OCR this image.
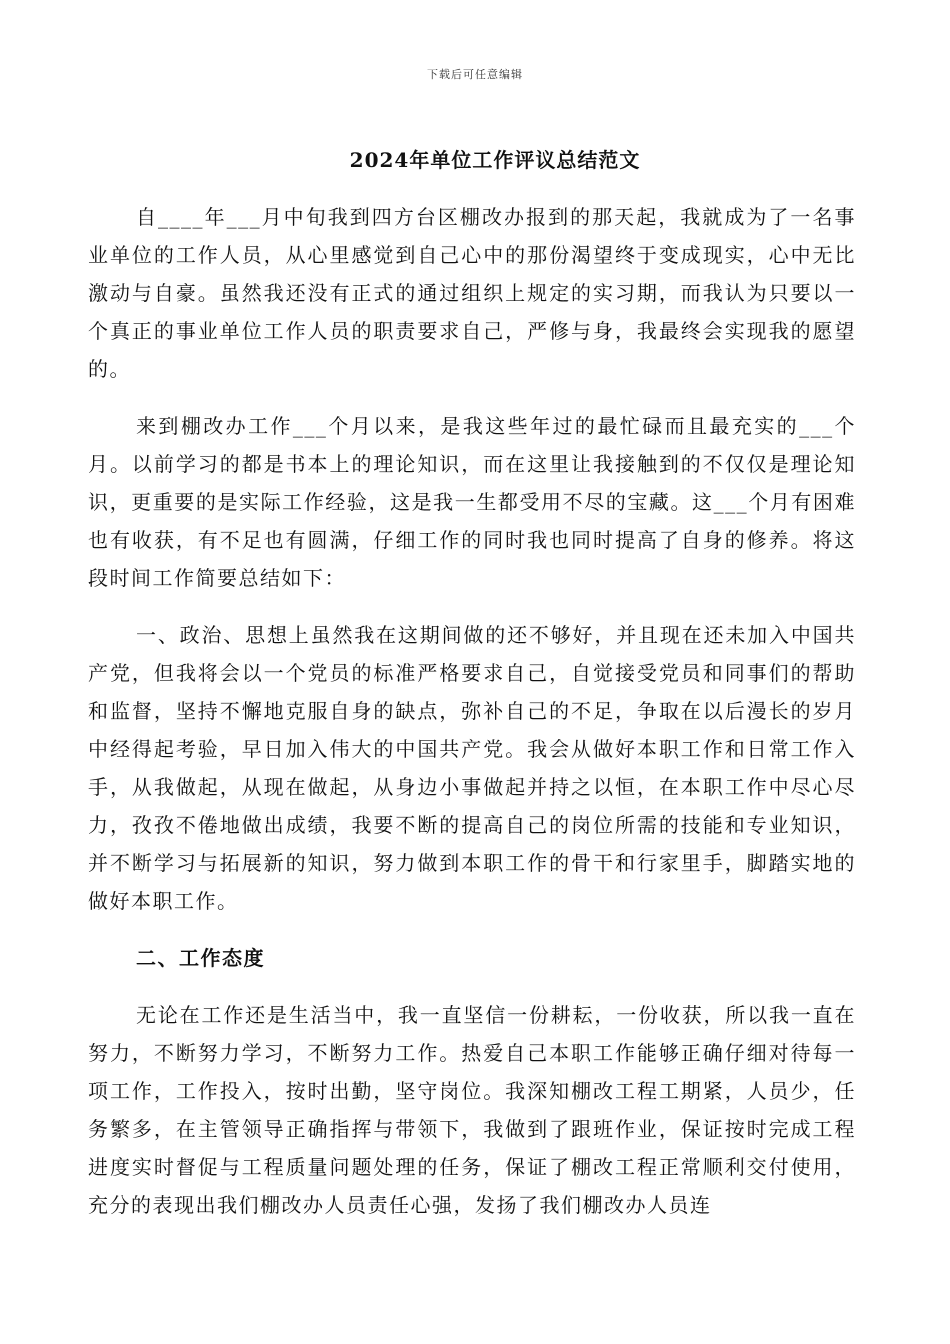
下载后可任意编辑
2024年单位工作评议总结范文

自____年___月中旬我到四方台区棚改办报到的那天起，我就成为了一名事业单位的工作人员，从心里感觉到自己心中的那份渴望终于变成现实，心中无比激动与自豪。虽然我还没有正式的通过组织上规定的实习期，而我认为只要以一个真正的事业单位工作人员的职责要求自己，严修与身，我最终会实现我的愿望的。

来到棚改办工作___个月以来，是我这些年过的最忙碌而且最充实的___个月。以前学习的都是书本上的理论知识，而在这里让我接触到的不仅仅是理论知识，更重要的是实际工作经验，这是我一生都受用不尽的宝藏。这___个月有困难也有收获，有不足也有圆满，仔细工作的同时我也同时提高了自身的修养。将这段时间工作简要总结如下：

一、政治、思想上虽然我在这期间做的还不够好，并且现在还未加入中国共产党，但我将会以一个党员的标准严格要求自己，自觉接受党员和同事们的帮助和监督，坚持不懈地克服自身的缺点，弥补自己的不足，争取在以后漫长的岁月中经得起考验，早日加入伟大的中国共产党。我会从做好本职工作和日常工作入手，从我做起，从现在做起，从身边小事做起并持之以恒，在本职工作中尽心尽力，孜孜不倦地做出成绩，我要不断的提高自己的岗位所需的技能和专业知识，并不断学习与拓展新的知识，努力做到本职工作的骨干和行家里手，脚踏实地的做好本职工作。

二、工作态度

无论在工作还是生活当中，我一直坚信一份耕耘，一份收获，所以我一直在努力，不断努力学习，不断努力工作。热爱自己本职工作能够正确仔细对待每一项工作，工作投入，按时出勤，坚守岗位。我深知棚改工程工期紧，人员少，任务繁多，在主管领导正确指挥与带领下，我做到了跟班作业，保证按时完成工程进度实时督促与工程质量问题处理的任务，保证了棚改工程正常顺利交付使用，充分的表现出我们棚改办人员责任心强，发扬了我们棚改办人员连
